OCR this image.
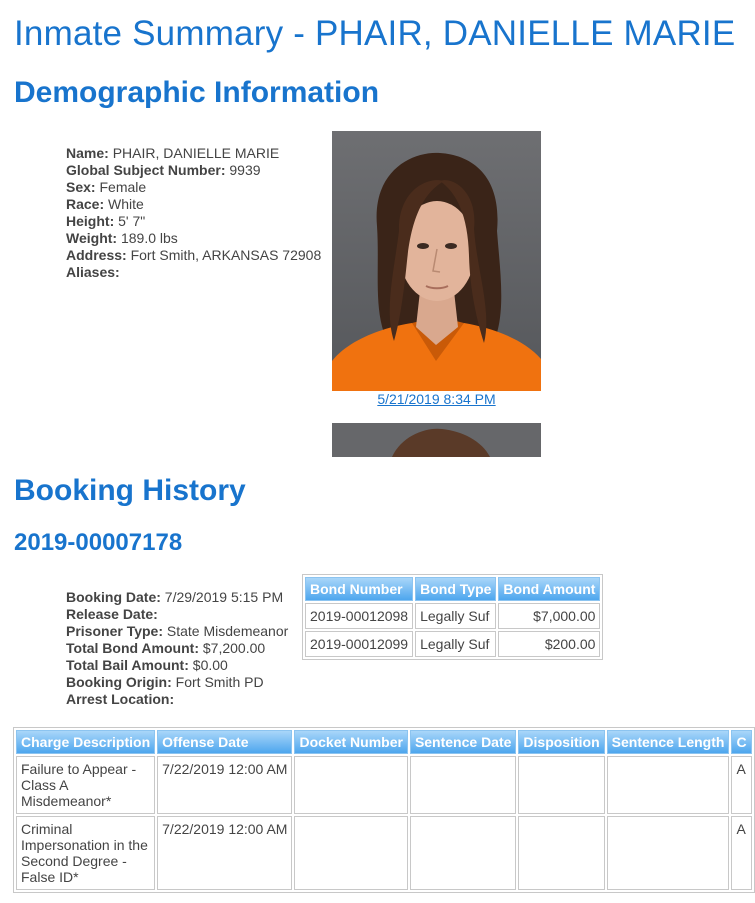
Inmate Summary - PHAIR, DANIELLE MARIE
Demographic Information
Name: PHAIR, DANIELLE MARIE
Global Subject Number: 9939
Sex: Female
Race: White
Height: 5' 7"
Weight: 189.0 lbs
Address: Fort Smith, ARKANSAS 72908
Aliases:
5/21/2019 8:34 PM
Booking History
2019-00007178
Booking Date: 7/29/2019 5:15 PM
Release Date:
Prisoner Type: State Misdemeanor
Total Bond Amount: $7,200.00
Total Bail Amount: $0.00
Booking Origin: Fort Smith PD
Arrest Location:
Bond Number	Bond Type	Bond Amount
2019-00012098	Legally Suf	$7,000.00
2019-00012099	Legally Suf	$200.00
Charge Description	Offense Date	Docket Number	Sentence Date	Disposition	Sentence Length	C
Failure to Appear - Class A Misdemeanor*	7/22/2019 12:00 AM					A
Criminal Impersonation in the Second Degree - False ID*	7/22/2019 12:00 AM					A
